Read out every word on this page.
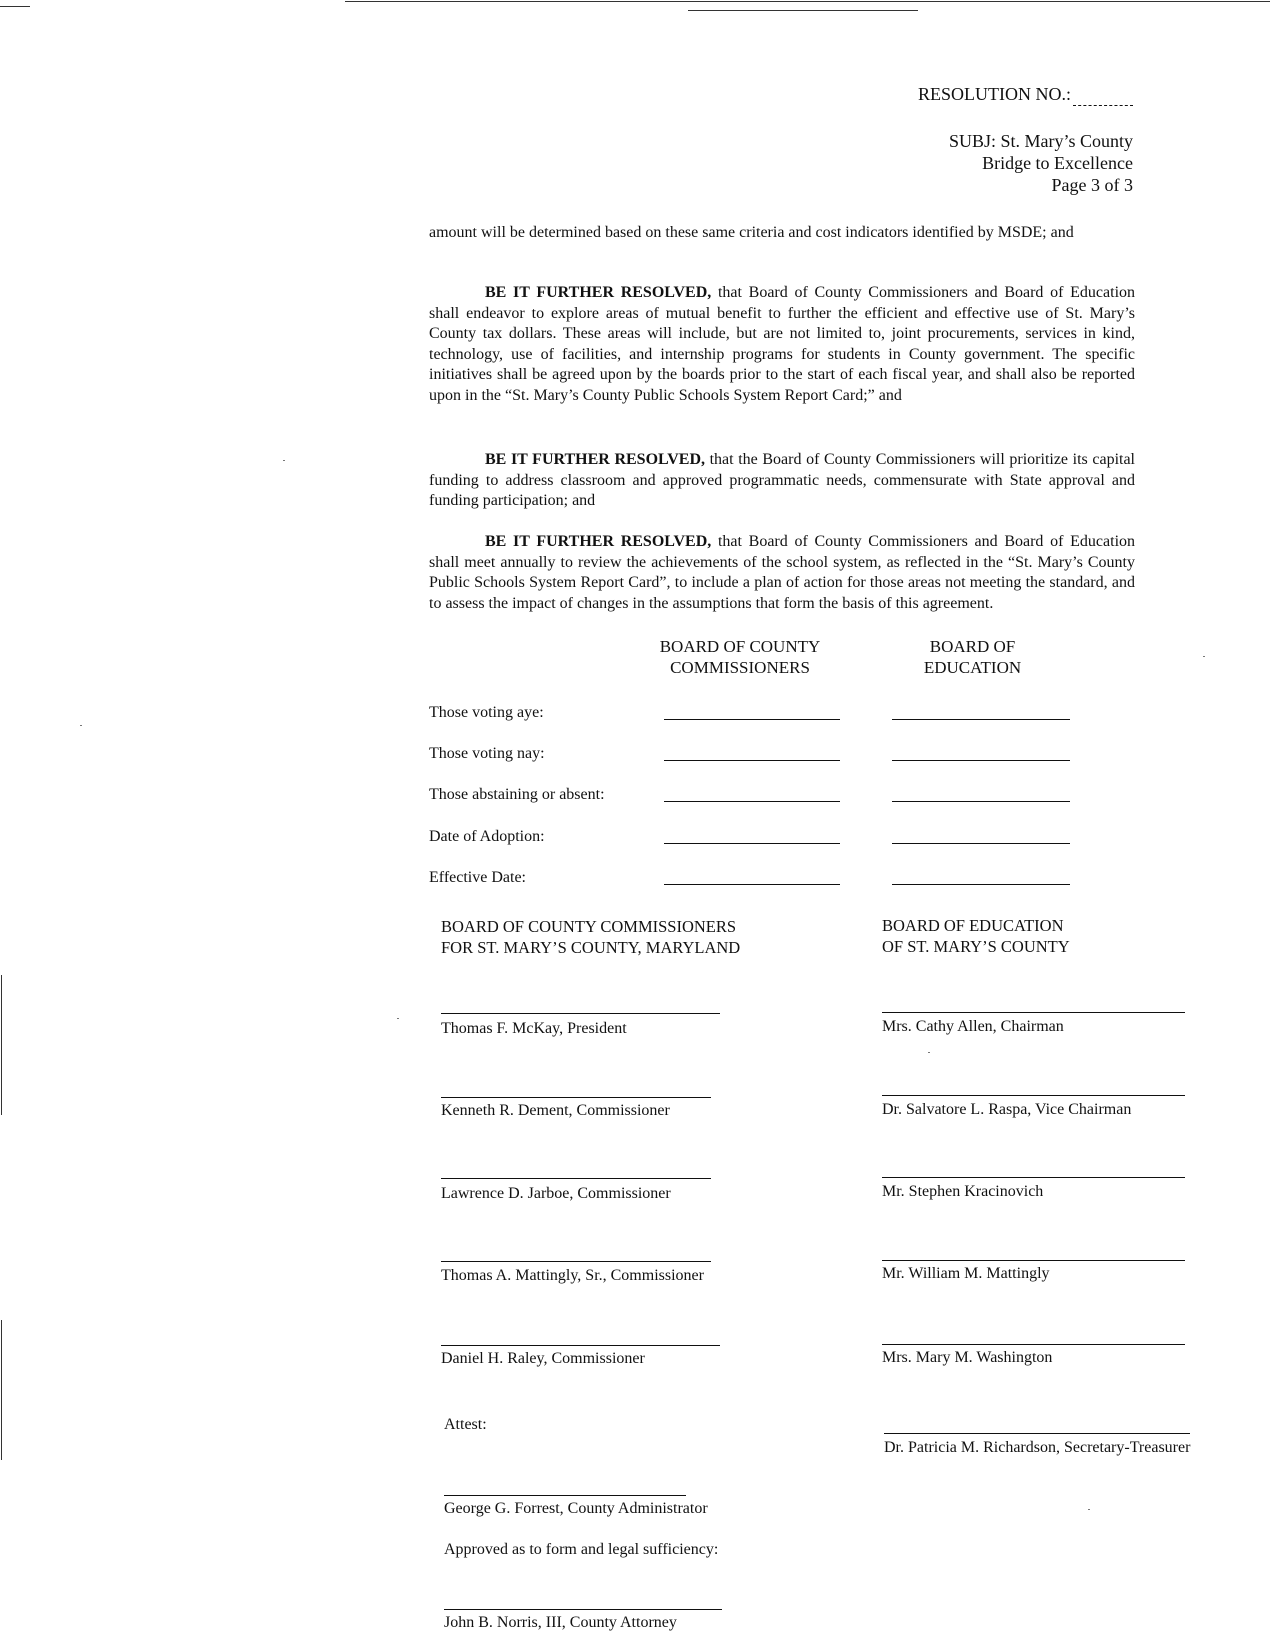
RESOLUTION NO.:
SUBJ: St. Mary’s County
Bridge to Excellence
Page 3 of 3
amount will be determined based on these same criteria and cost indicators identified by MSDE; and
BE IT FURTHER RESOLVED, that Board of County Commissioners and Board of Education shall endeavor to explore areas of mutual benefit to further the efficient and effective use of St. Mary’s County tax dollars. These areas will include, but are not limited to, joint procurements, services in kind, technology, use of facilities, and internship programs for students in County government. The specific initiatives shall be agreed upon by the boards prior to the start of each fiscal year, and shall also be reported upon in the “St. Mary’s County Public Schools System Report Card;” and
BE IT FURTHER RESOLVED, that the Board of County Commissioners will prioritize its capital funding to address classroom and approved programmatic needs, commensurate with State approval and funding participation; and
BE IT FURTHER RESOLVED, that Board of County Commissioners and Board of Education shall meet annually to review the achievements of the school system, as reflected in the “St. Mary’s County Public Schools System Report Card”, to include a plan of action for those areas not meeting the standard, and to assess the impact of changes in the assumptions that form the basis of this agreement.
BOARD OF COUNTY
COMMISSIONERS
BOARD OF
EDUCATION
Those voting aye:
Those voting nay:
Those abstaining or absent:
Date of Adoption:
Effective Date:
BOARD OF COUNTY COMMISSIONERS
FOR ST. MARY’S COUNTY, MARYLAND
BOARD OF EDUCATION
OF ST. MARY’S COUNTY
Thomas F. McKay, President
Kenneth R. Dement, Commissioner
Lawrence D. Jarboe, Commissioner
Thomas A. Mattingly, Sr., Commissioner
Daniel H. Raley, Commissioner
Mrs. Cathy Allen, Chairman
Dr. Salvatore L. Raspa, Vice Chairman
Mr. Stephen Kracinovich
Mr. William M. Mattingly
Mrs. Mary M. Washington
Attest:
Dr. Patricia M. Richardson, Secretary-Treasurer
George G. Forrest, County Administrator
Approved as to form and legal sufficiency:
John B. Norris, III, County Attorney
